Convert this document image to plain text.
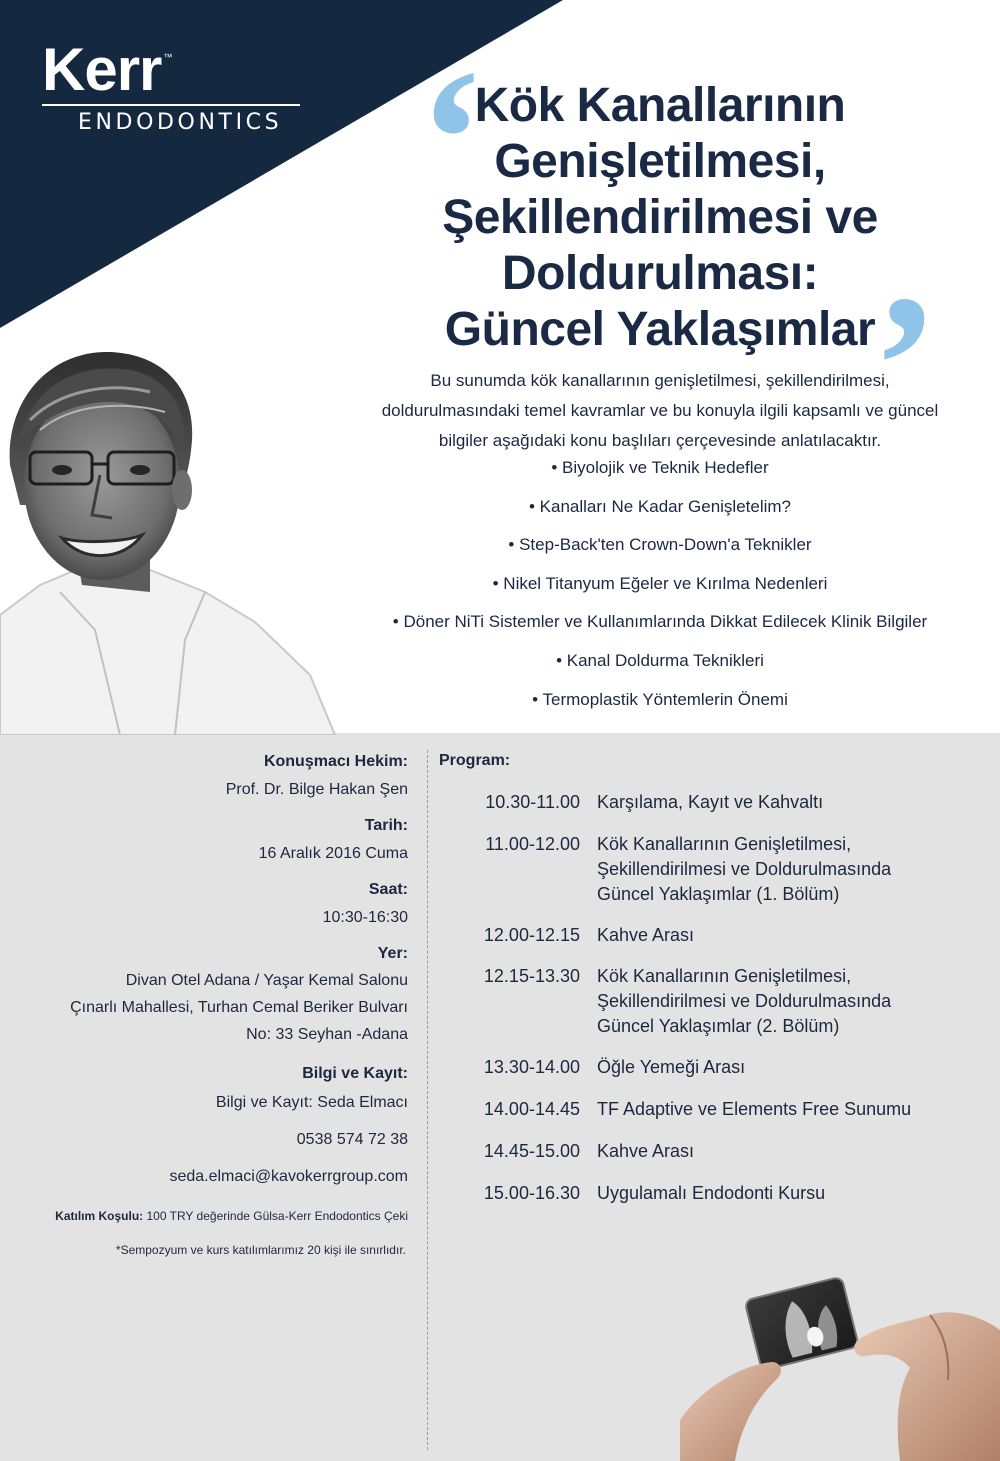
Kerr ™
ENDODONTICS ‘
’
Kök Kanallarının
Genişletilmesi,
Şekillendirilmesi ve
Doldurulması:
Güncel Yaklaşımlar
Bu sunumda kök kanallarının genişletilmesi, şekillendirilmesi,
doldurulmasındaki temel kavramlar ve bu konuyla ilgili kapsamlı ve güncel
bilgiler aşağıdaki konu başlıları çerçevesinde anlatılacaktır.
• Biyolojik ve Teknik Hedefler
• Kanalları Ne Kadar Genişletelim?
• Step-Back'ten Crown-Down'a Teknikler
• Nikel Titanyum Eğeler ve Kırılma Nedenleri
• Döner NiTi Sistemler ve Kullanımlarında Dikkat Edilecek Klinik Bilgiler
• Kanal Doldurma Teknikleri
• Termoplastik Yöntemlerin Önemi
Konuşmacı Hekim:
Prof. Dr. Bilge Hakan Şen
Tarih:
16 Aralık 2016 Cuma
Saat:
10:30-16:30
Yer:
Divan Otel Adana / Yaşar Kemal Salonu
Çınarlı Mahallesi, Turhan Cemal Beriker Bulvarı
No: 33 Seyhan -Adana
Bilgi ve Kayıt:
Bilgi ve Kayıt: Seda Elmacı
0538 574 72 38
seda.elmaci@kavokerrgroup.com
Katılım Koşulu: 100 TRY değerinde Gülsa-Kerr Endodontics Çeki
*Sempozyum ve kurs katılımlarımız 20 kişi ile sınırlıdır.
Program:
10.30-11.00 Karşılama, Kayıt ve Kahvaltı
11.00-12.00 Kök Kanallarının Genişletilmesi,
Şekillendirilmesi ve Doldurulmasında
Güncel Yaklaşımlar (1. Bölüm)
12.00-12.15 Kahve Arası
12.15-13.30 Kök Kanallarının Genişletilmesi,
Şekillendirilmesi ve Doldurulmasında
Güncel Yaklaşımlar (2. Bölüm)
13.30-14.00 Öğle Yemeği Arası
14.00-14.45 TF Adaptive ve Elements Free Sunumu
14.45-15.00 Kahve Arası
15.00-16.30 Uygulamalı Endodonti Kursu
